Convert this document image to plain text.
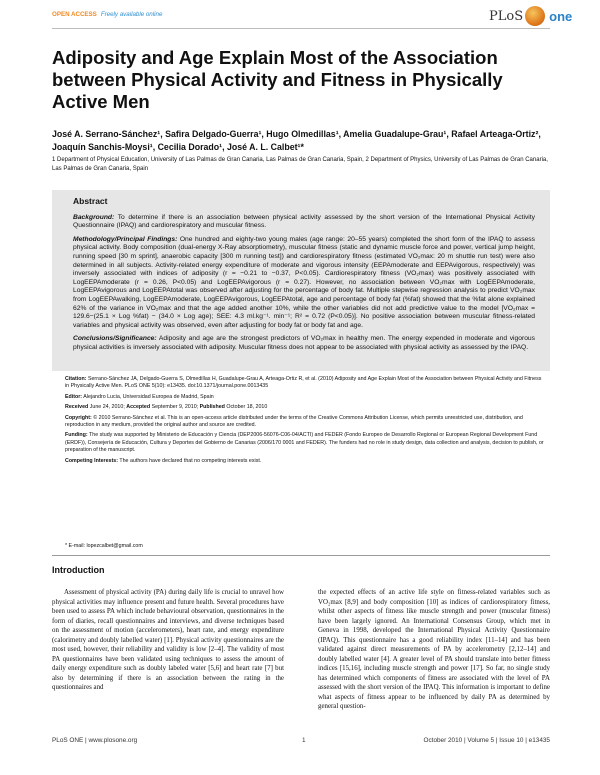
OPEN ACCESS Freely available online	PLoS one
Adiposity and Age Explain Most of the Association between Physical Activity and Fitness in Physically Active Men
José A. Serrano-Sánchez¹, Safira Delgado-Guerra¹, Hugo Olmedillas¹, Amelia Guadalupe-Grau¹, Rafael Arteaga-Ortiz², Joaquín Sanchis-Moysi¹, Cecilia Dorado¹, José A. L. Calbet¹*
1 Department of Physical Education, University of Las Palmas de Gran Canaria, Las Palmas de Gran Canaria, Spain, 2 Department of Physics, University of Las Palmas de Gran Canaria, Las Palmas de Gran Canaria, Spain
Abstract

Background: To determine if there is an association between physical activity assessed by the short version of the International Physical Activity Questionnaire (IPAQ) and cardiorespiratory and muscular fitness.

Methodology/Principal Findings: One hundred and eighty-two young males (age range: 20–55 years) completed the short form of the IPAQ to assess physical activity. Body composition (dual-energy X-Ray absorptiometry), muscular fitness (static and dynamic muscle force and power, vertical jump height, running speed [30 m sprint], anaerobic capacity [300 m running test]) and cardiorespiratory fitness (estimated VO₂max: 20 m shuttle run test) were also determined in all subjects. Activity-related energy expenditure of moderate and vigorous intensity (EEPAmoderate and EEPAvigorous, respectively) was inversely associated with indices of adiposity (r = −0.21 to −0.37, P<0.05). Cardiorespiratory fitness (VO₂max) was positively associated with LogEEPAmoderate (r = 0.26, P<0.05) and LogEEPAvigorous (r = 0.27). However, no association between VO₂max with LogEEPAmoderate, LogEEPAvigorous and LogEEPAtotal was observed after adjusting for the percentage of body fat. Multiple stepwise regression analysis to predict VO₂max from LogEEPAwalking, LogEEPAmoderate, LogEEPAvigorous, LogEEPAtotal, age and percentage of body fat (%fat) showed that the %fat alone explained 62% of the variance in VO₂max and that the age added another 10%, while the other variables did not add predictive value to the model [VO₂max = 129.6−(25.1 × Log %fat) − (34.0 × Log age); SEE: 4.3 ml.kg⁻¹. min⁻¹; R² = 0.72 (P<0.05)]. No positive association between muscular fitness-related variables and physical activity was observed, even after adjusting for body fat or body fat and age.

Conclusions/Significance: Adiposity and age are the strongest predictors of VO₂max in healthy men. The energy expended in moderate and vigorous physical activities is inversely associated with adiposity. Muscular fitness does not appear to be associated with physical activity as assessed by the IPAQ.

Citation: Serrano-Sánchez JA, Delgado-Guerra S, Olmedillas H, Guadalupe-Grau A, Arteaga-Ortiz R, et al. (2010) Adiposity and Age Explain Most of the Association between Physical Activity and Fitness in Physically Active Men. PLoS ONE 5(10): e13435. doi:10.1371/journal.pone.0013435

Editor: Alejandro Lucia, Universidad Europea de Madrid, Spain

Received June 24, 2010; Accepted September 9, 2010; Published October 18, 2010

Copyright: © 2010 Serrano-Sánchez et al. This is an open-access article distributed under the terms of the Creative Commons Attribution License, which permits unrestricted use, distribution, and reproduction in any medium, provided the original author and source are credited.

Funding: The study was supported by Ministerio de Educación y Ciencia (DEP2006-56076-C06-04/ACTI) and FEDER (Fondo Europeo de Desarrollo Regional or European Regional Development Fund (ERDF)), Consejería de Educación, Cultura y Deportes del Gobierno de Canarias (2006/170 0001 and FEDER). The funders had no role in study design, data collection and analysis, decision to publish, or preparation of the manuscript.

Competing Interests: The authors have declared that no competing interests exist.

* E-mail: lopezcalbet@gmail.com
Introduction
Assessment of physical activity (PA) during daily life is crucial to unravel how physical activities may influence present and future health. Several procedures have been used to assess PA which include behavioural observation, questionnaires in the form of diaries, recall questionnaires and interviews, and diverse techniques based on the assessment of motion (accelerometers), heart rate, and energy expenditure (calorimetry and doubly labelled water) [1]. Physical activity questionnaires are the most used, however, their reliability and validity is low [2–4]. The validity of most PA questionnaires have been validated using techniques to assess the amount of daily energy expenditure such as doubly labeled water [5,6] and heart rate [7] but also by determining if there is an association between the rating in the questionnaires and
the expected effects of an active life style on fitness-related variables such as VO₂max [8,9] and body composition [10] as indices of cardiorespiratory fitness, whilst other aspects of fitness like muscle strength and power (muscular fitness) have been largely ignored. An International Consensus Group, which met in Geneva in 1998, developed the International Physical Activity Questionnaire (IPAQ). This questionnaire has a good reliability index [11–14] and has been validated against direct measurements of PA by accelerometry [2,12–14] and doubly labelled water [4]. A greater level of PA should translate into better fitness indices [15,16], including muscle strength and power [17]. So far, no single study has determined which components of fitness are associated with the level of PA assessed with the short version of the IPAQ. This information is important to define what aspects of fitness appear to be influenced by daily PA as determined by general question-
PLoS ONE | www.plosone.org	1	October 2010 | Volume 5 | Issue 10 | e13435
